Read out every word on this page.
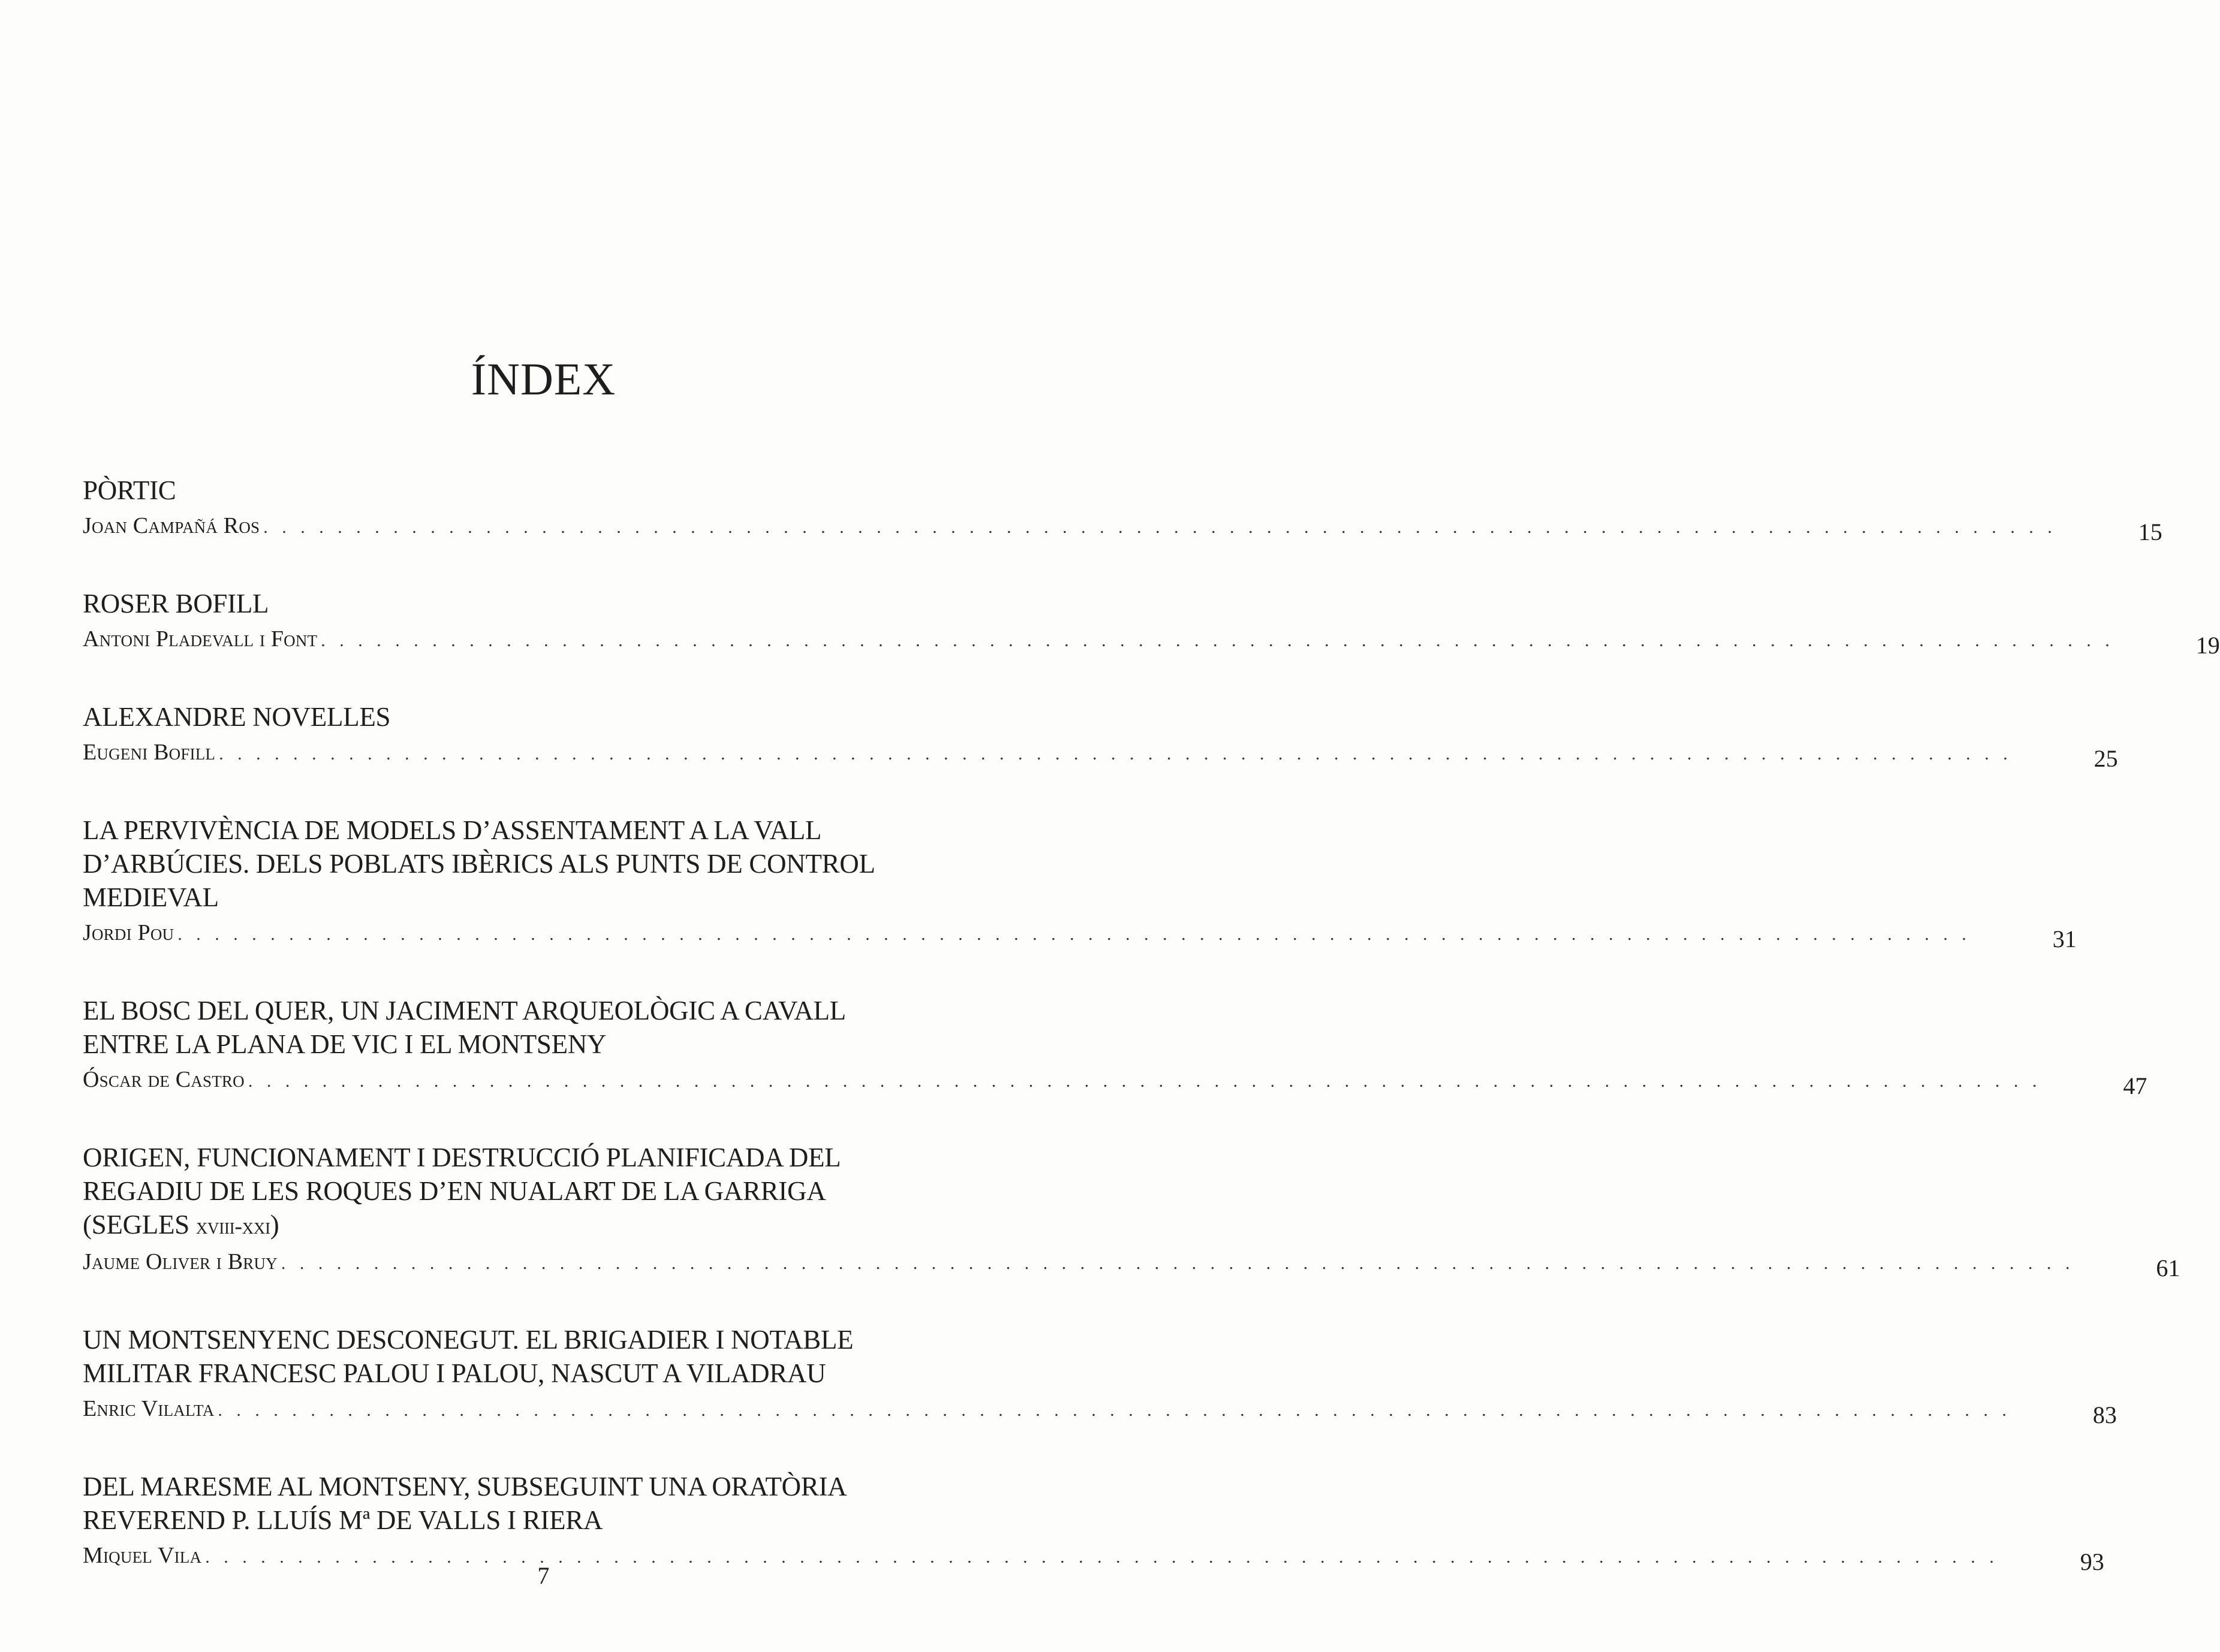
ÍNDEX
PÒRTIC
Joan Campañá Ros . . . . . . . . . . . . . . . . . . . . . . . . . . . . . . . . . . . . . . . . . . . . . . . . . . . . . . . . . . . . . . . . . . . . . . . . . . . . . . . . . . . . . . . . . . . . . . . . .	15
ROSER BOFILL
Antoni Pladevall i Font . . . . . . . . . . . . . . . . . . . . . . . . . . . . . . . . . . . . . . . . . . . . . . . . . . . . . . . . . . . . . . . . . . . . . . . . . . . . . . . . . . . . . . . . . . . . . . . . .	19
ALEXANDRE NOVELLES
Eugeni Bofill . . . . . . . . . . . . . . . . . . . . . . . . . . . . . . . . . . . . . . . . . . . . . . . . . . . . . . . . . . . . . . . . . . . . . . . . . . . . . . . . . . . . . . . . . . . . . . . . .	25
LA PERVIVÈNCIA DE MODELS D’ASSENTAMENT A LA VALL D’ARBÚCIES. DELS POBLATS IBÈRICS ALS PUNTS DE CONTROL MEDIEVAL
Jordi Pou . . . . . . . . . . . . . . . . . . . . . . . . . . . . . . . . . . . . . . . . . . . . . . . . . . . . . . . . . . . . . . . . . . . . . . . . . . . . . . . . . . . . . . . . . . . . . . . . .	31
EL BOSC DEL QUER, UN JACIMENT ARQUEOLÒGIC A CAVALL ENTRE LA PLANA DE VIC I EL MONTSENY
Óscar de Castro . . . . . . . . . . . . . . . . . . . . . . . . . . . . . . . . . . . . . . . . . . . . . . . . . . . . . . . . . . . . . . . . . . . . . . . . . . . . . . . . . . . . . . . . . . . . . . . . .	47
ORIGEN, FUNCIONAMENT I DESTRUCCIÓ PLANIFICADA DEL REGADIU DE LES ROQUES D’EN NUALART DE LA GARRIGA
(SEGLES xviii-xxi)
Jaume Oliver i Bruy . . . . . . . . . . . . . . . . . . . . . . . . . . . . . . . . . . . . . . . . . . . . . . . . . . . . . . . . . . . . . . . . . . . . . . . . . . . . . . . . . . . . . . . . . . . . . . . . .	61
UN MONTSENYENC DESCONEGUT. EL BRIGADIER I NOTABLE MILITAR FRANCESC PALOU I PALOU, NASCUT A VILADRAU
Enric Vilalta . . . . . . . . . . . . . . . . . . . . . . . . . . . . . . . . . . . . . . . . . . . . . . . . . . . . . . . . . . . . . . . . . . . . . . . . . . . . . . . . . . . . . . . . . . . . . . . . .	83
DEL MARESME AL MONTSENY, SUBSEGUINT UNA ORATÒRIA REVEREND P. LLUÍS Mª DE VALLS I RIERA
Miquel Vila . . . . . . . . . . . . . . . . . . . . . . . . . . . . . . . . . . . . . . . . . . . . . . . . . . . . . . . . . . . . . . . . . . . . . . . . . . . . . . . . . . . . . . . . . . . . . . . . .	93
7
